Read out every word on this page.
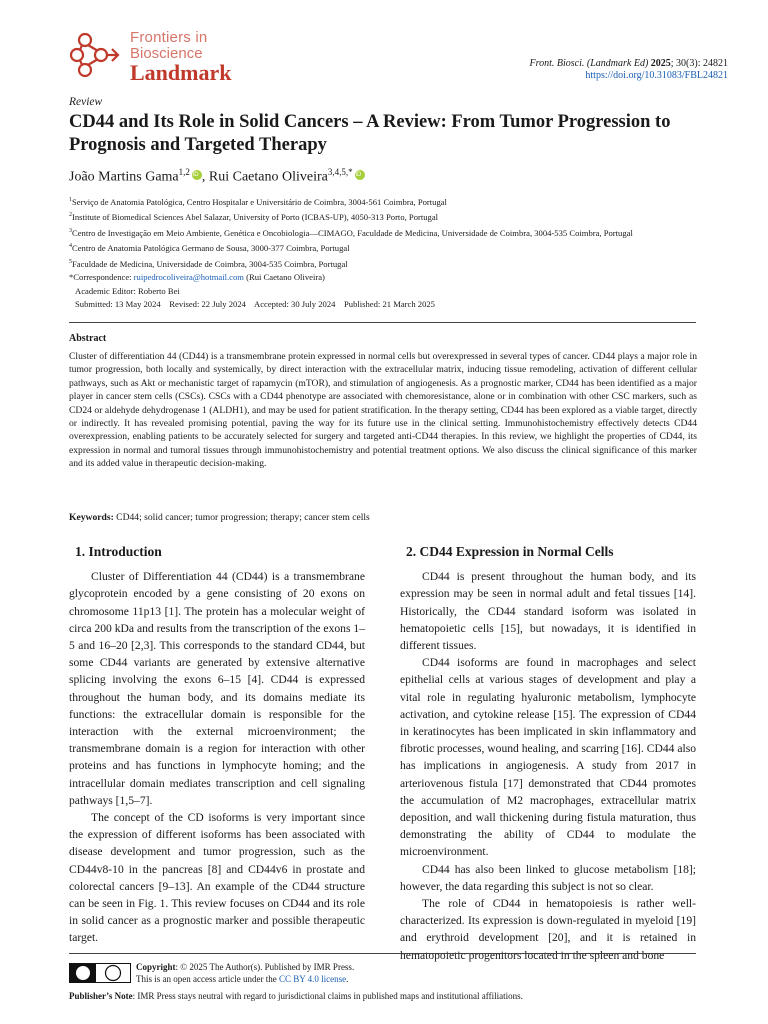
Frontiers in
Bioscience
Landmark	Front. Biosci. (Landmark Ed) 2025; 30(3): 24821
https://doi.org/10.31083/FBL24821
Review
CD44 and Its Role in Solid Cancers – A Review: From Tumor Progression to Prognosis and Targeted Therapy
João Martins Gama$^{1,2}$iD , Rui Caetano Oliveira$^{3,4,5,*}$iD
$^1$Serviço de Anatomia Patológica, Centro Hospitalar e Universitário de Coimbra, 3004-561 Coimbra, Portugal
$^2$Institute of Biomedical Sciences Abel Salazar, University of Porto (ICBAS-UP), 4050-313 Porto, Portugal
$^3$Centro de Investigação em Meio Ambiente, Genética e Oncobiologia—CIMAGO, Faculdade de Medicina, Universidade de Coimbra, 3004-535 Coimbra, Portugal
$^4$Centro de Anatomia Patológica Germano de Sousa, 3000-377 Coimbra, Portugal
$^5$Faculdade de Medicina, Universidade de Coimbra, 3004-535 Coimbra, Portugal
*Correspondence: ruipedrocoliveira@hotmail.com (Rui Caetano Oliveira)
Academic Editor: Roberto Bei
Submitted: 13 May 2024    Revised: 22 July 2024    Accepted: 30 July 2024    Published: 21 March 2025
Abstract

Cluster of differentiation 44 (CD44) is a transmembrane protein expressed in normal cells but overexpressed in several types of cancer. CD44 plays a major role in tumor progression, both locally and systemically, by direct interaction with the extracellular matrix, inducing tissue remodeling, activation of different cellular pathways, such as Akt or mechanistic target of rapamycin (mTOR), and stimulation of angiogenesis. As a prognostic marker, CD44 has been identified as a major player in cancer stem cells (CSCs). CSCs with a CD44 phenotype are associated with chemoresistance, alone or in combination with other CSC markers, such as CD24 or aldehyde dehydrogenase 1 (ALDH1), and may be used for patient stratification. In the therapy setting, CD44 has been explored as a viable target, directly or indirectly. It has revealed promising potential, paving the way for its future use in the clinical setting. Immunohistochemistry effectively detects CD44 overexpression, enabling patients to be accurately selected for surgery and targeted anti-CD44 therapies. In this review, we highlight the properties of CD44, its expression in normal and tumoral tissues through immunohistochemistry and potential treatment options. We also discuss the clinical significance of this marker and its added value in therapeutic decision-making.

Keywords: CD44; solid cancer; tumor progression; therapy; cancer stem cells
1. Introduction

Cluster of Differentiation 44 (CD44) is a transmembrane glycoprotein encoded by a gene consisting of 20 exons on chromosome 11p13 [1]. The protein has a molecular weight of circa 200 kDa and results from the transcription of the exons 1–5 and 16–20 [2,3]. This corresponds to the standard CD44, but some CD44 variants are generated by extensive alternative splicing involving the exons 6–15 [4]. CD44 is expressed throughout the human body, and its domains mediate its functions: the extracellular domain is responsible for the interaction with the external microenvironment; the transmembrane domain is a region for interaction with other proteins and has functions in lymphocyte homing; and the intracellular domain mediates transcription and cell signaling pathways [1,5–7].

The concept of the CD isoforms is very important since the expression of different isoforms has been associated with disease development and tumor progression, such as the CD44v8-10 in the pancreas [8] and CD44v6 in prostate and colorectal cancers [9–13]. An example of the CD44 structure can be seen in Fig. 1. This review focuses on CD44 and its role in solid cancer as a prognostic marker and possible therapeutic target.

2. CD44 Expression in Normal Cells

CD44 is present throughout the human body, and its expression may be seen in normal adult and fetal tissues [14]. Historically, the CD44 standard isoform was isolated in hematopoietic cells [15], but nowadays, it is identified in different tissues.

CD44 isoforms are found in macrophages and select epithelial cells at various stages of development and play a vital role in regulating hyaluronic metabolism, lymphocyte activation, and cytokine release [15]. The expression of CD44 in keratinocytes has been implicated in skin inflammatory and fibrotic processes, wound healing, and scarring [16]. CD44 also has implications in angiogenesis. A study from 2017 in arteriovenous fistula [17] demonstrated that CD44 promotes the accumulation of M2 macrophages, extracellular matrix deposition, and wall thickening during fistula maturation, thus demonstrating the ability of CD44 to modulate the microenvironment.

CD44 has also been linked to glucose metabolism [18]; however, the data regarding this subject is not so clear.

The role of CD44 in hematopoiesis is rather well-characterized. Its expression is down-regulated in myeloid [19] and erythroid development [20], and it is retained in hematopoietic progenitors located in the spleen and bone

Copyright: © 2025 The Author(s). Published by IMR Press.
This is an open access article under the CC BY 4.0 license.
Publisher’s Note: IMR Press stays neutral with regard to jurisdictional claims in published maps and institutional affiliations.
